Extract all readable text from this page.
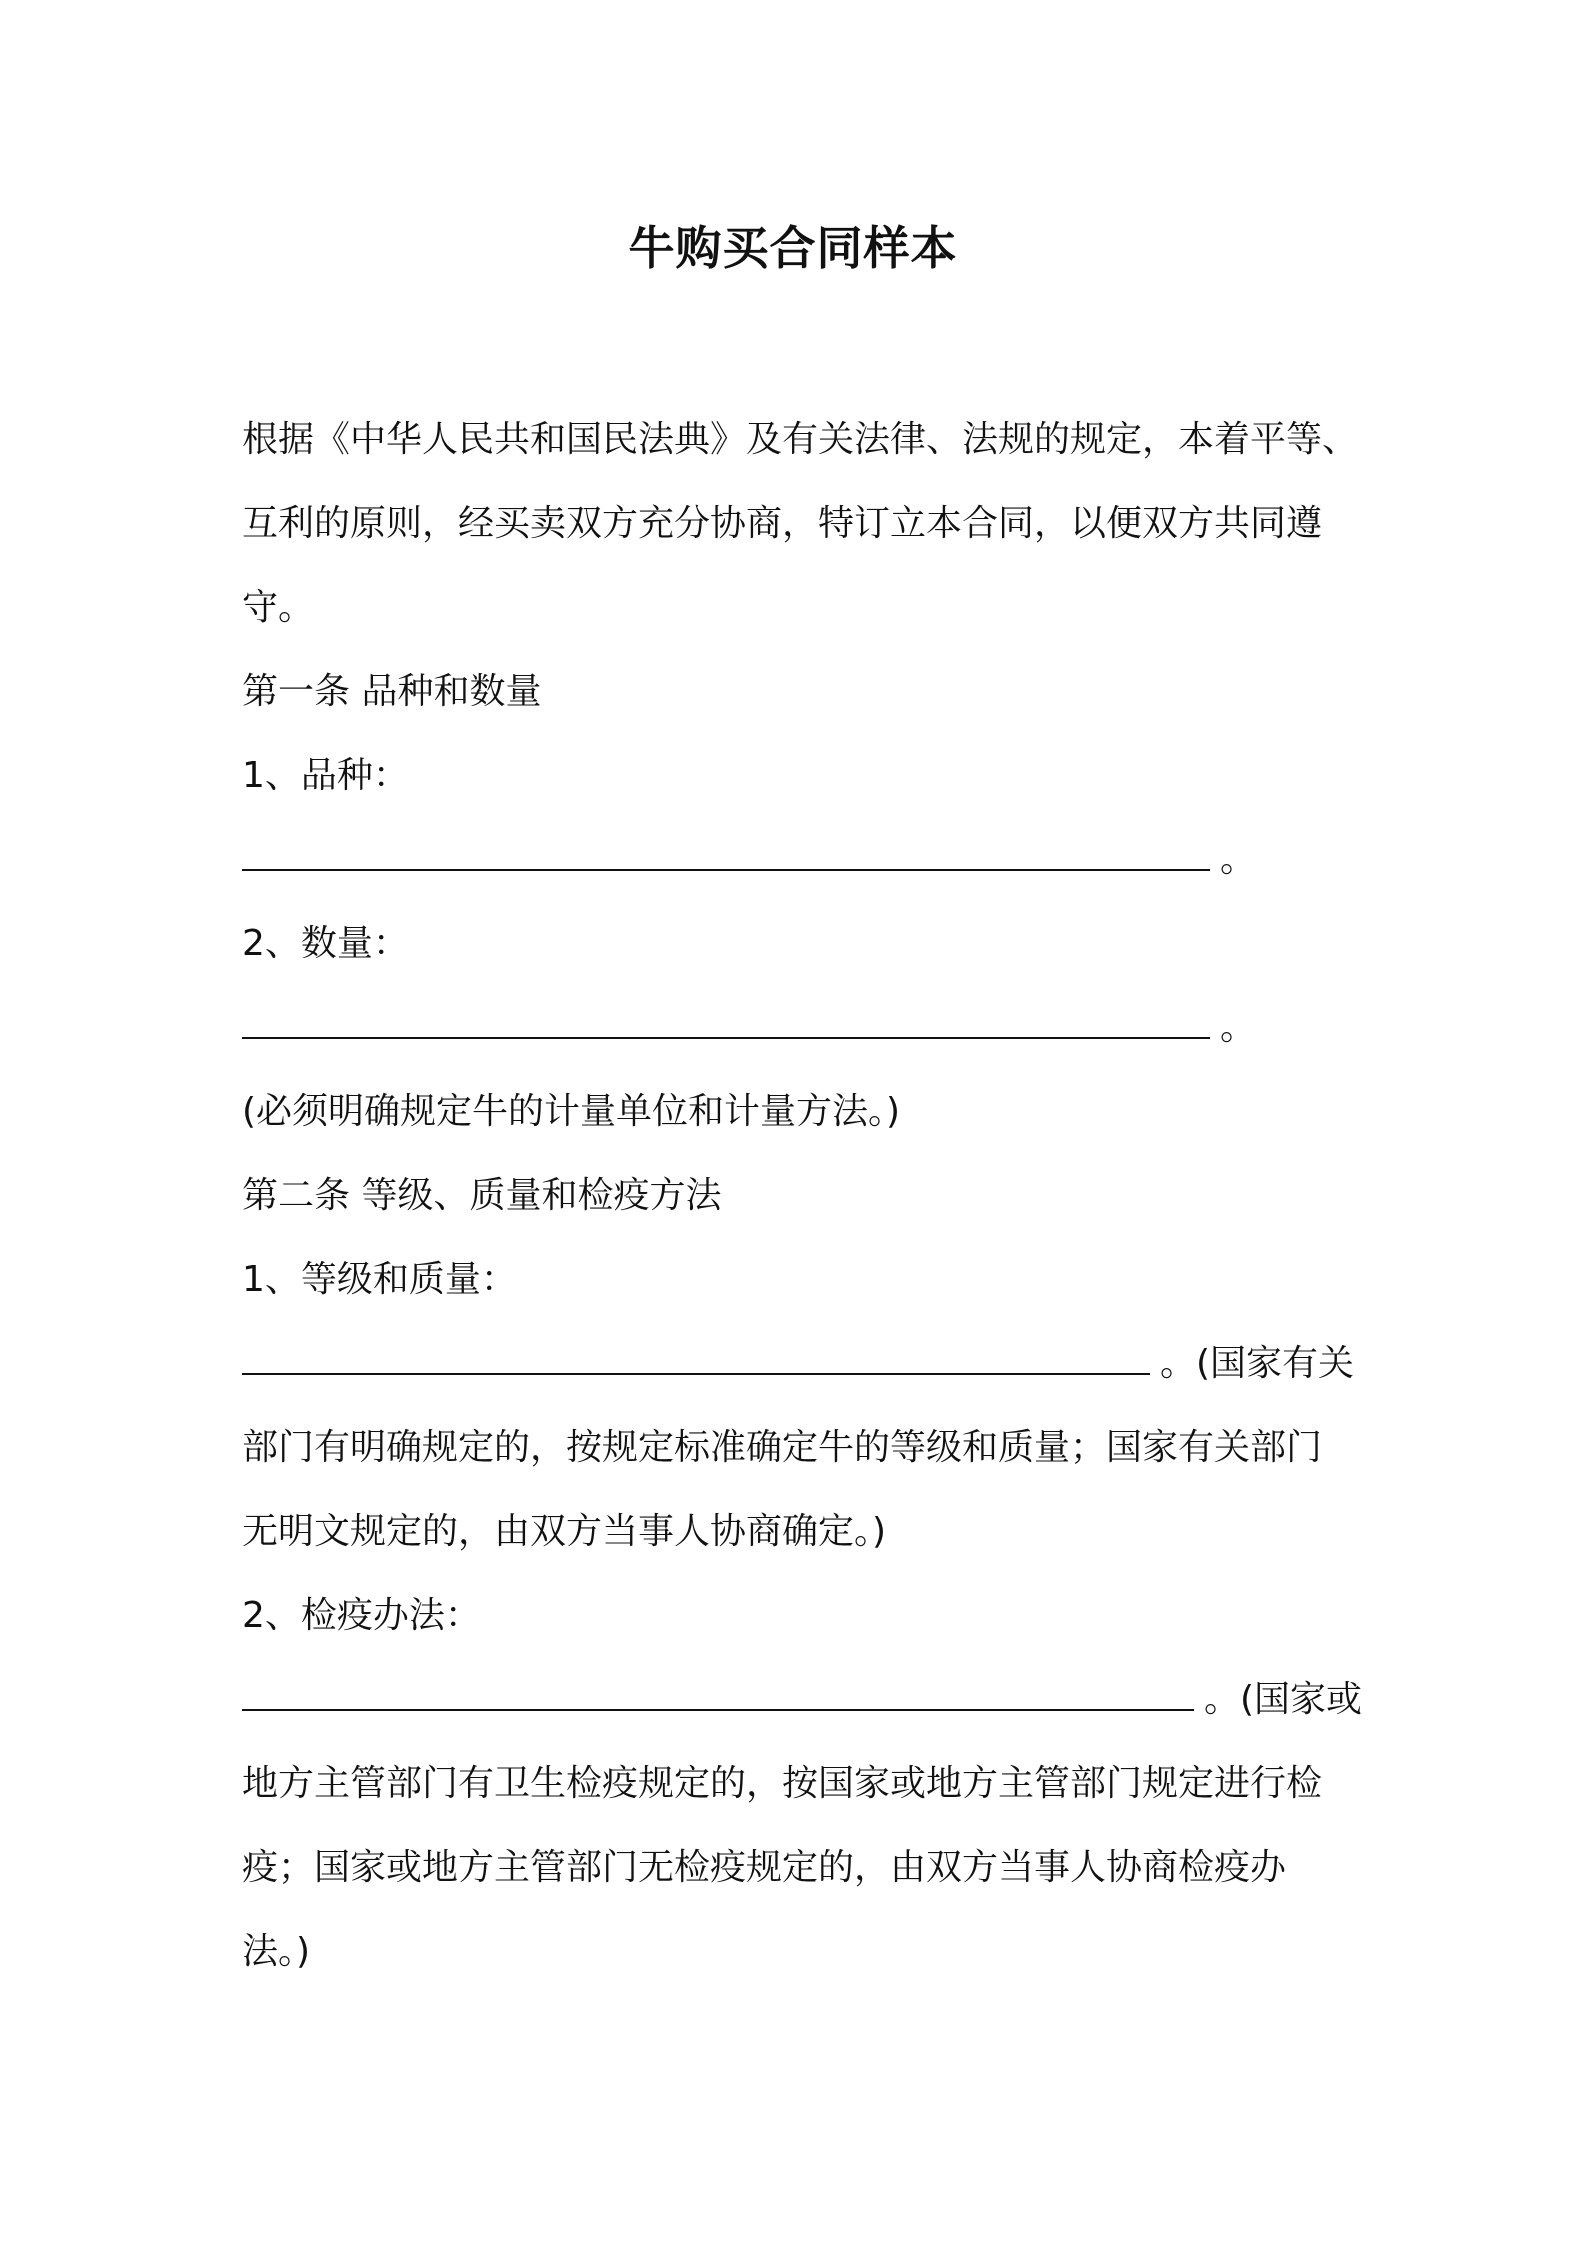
牛购买合同样本
根据《中华人民共和国民法典》及有关法律、法规的规定，本着平等、
互利的原则，经买卖双方充分协商，特订立本合同，以便双方共同遵
守。
第一条 品种和数量
1、品种：
。
2、数量：
。
(必须明确规定牛的计量单位和计量方法。)
第二条 等级、质量和检疫方法
1、等级和质量：
。(国家有关
部门有明确规定的，按规定标准确定牛的等级和质量；国家有关部门
无明文规定的，由双方当事人协商确定。)
2、检疫办法：
。(国家或
地方主管部门有卫生检疫规定的，按国家或地方主管部门规定进行检
疫；国家或地方主管部门无检疫规定的，由双方当事人协商检疫办
法。)
